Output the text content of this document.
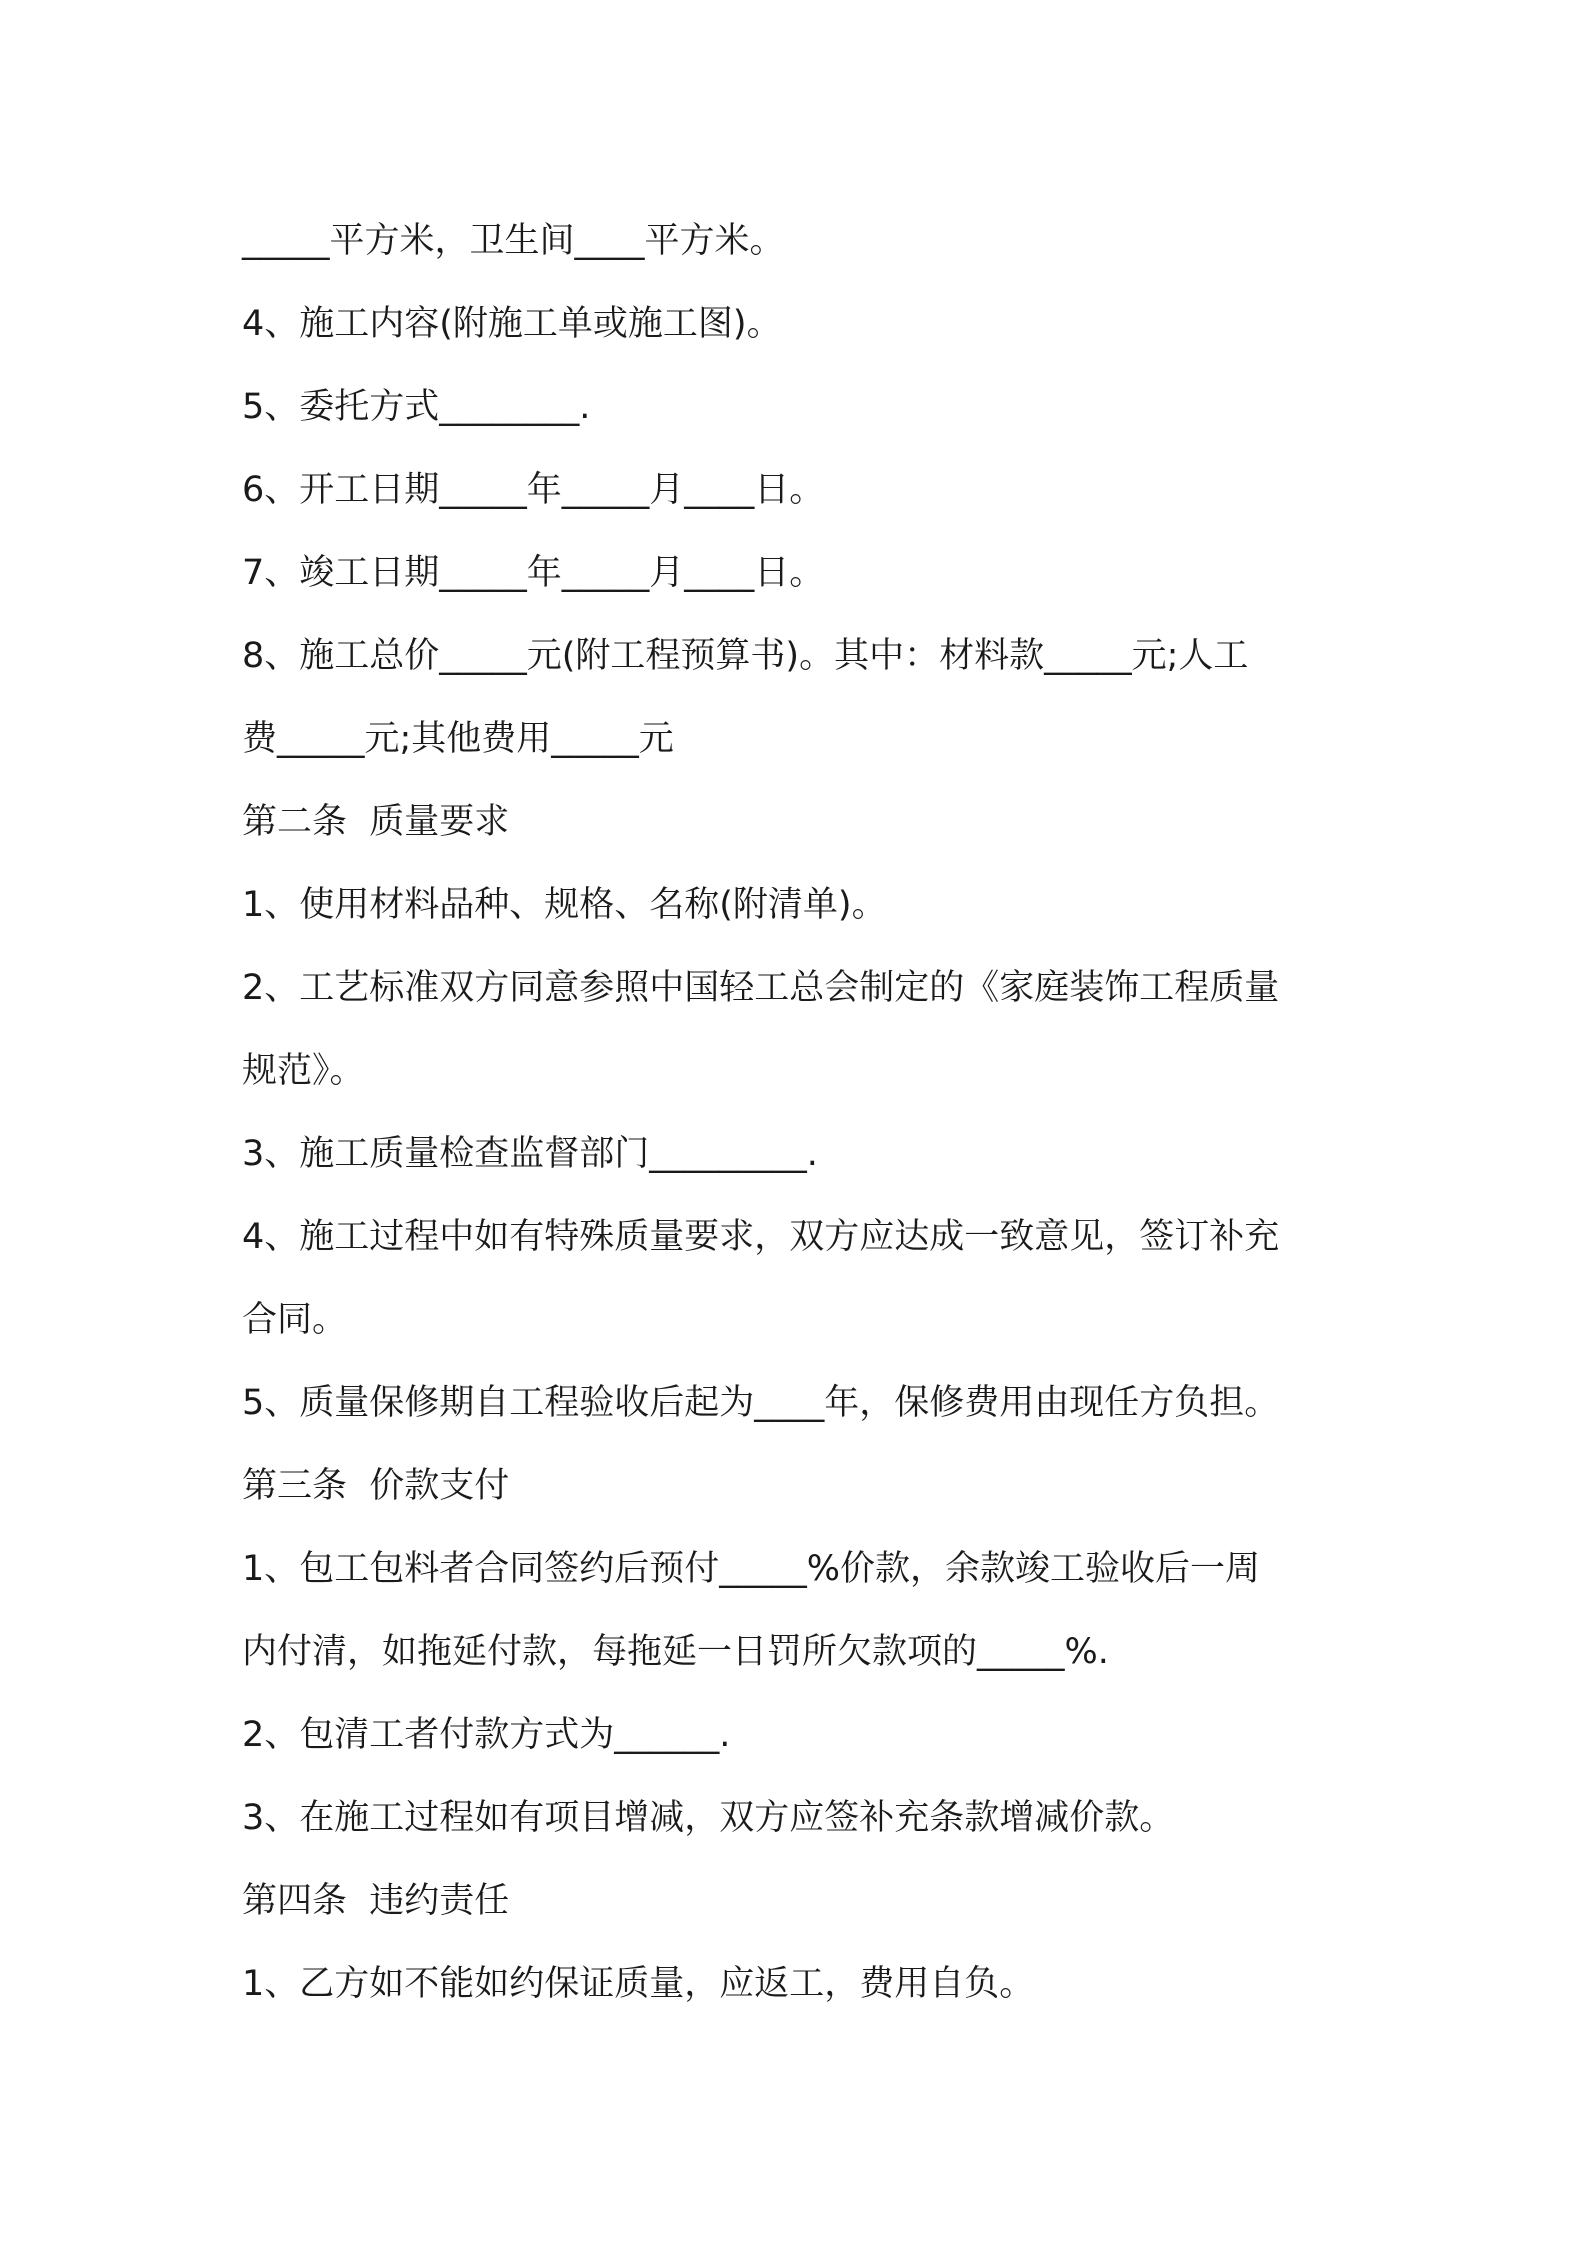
_____平方米，卫生间____平方米。
4、施工内容(附施工单或施工图)。
5、委托方式________.
6、开工日期_____年_____月____日。
7、竣工日期_____年_____月____日。
8、施工总价_____元(附工程预算书)。其中：材料款_____元;人工
费_____元;其他费用_____元
第二条  质量要求
1、使用材料品种、规格、名称(附清单)。
2、工艺标准双方同意参照中国轻工总会制定的《家庭装饰工程质量
规范》。
3、施工质量检查监督部门_________.
4、施工过程中如有特殊质量要求，双方应达成一致意见，签订补充
合同。
5、质量保修期自工程验收后起为____年，保修费用由现任方负担。
第三条  价款支付
1、包工包料者合同签约后预付_____%价款，余款竣工验收后一周
内付清，如拖延付款，每拖延一日罚所欠款项的_____%.
2、包清工者付款方式为______.
3、在施工过程如有项目增减，双方应签补充条款增减价款。
第四条  违约责任
1、乙方如不能如约保证质量，应返工，费用自负。
